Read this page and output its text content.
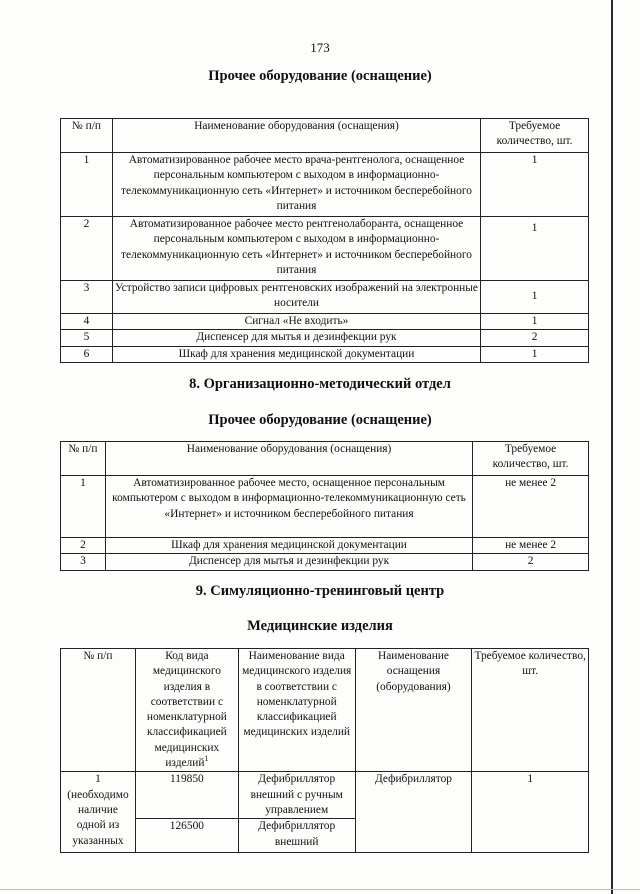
173
Прочее оборудование (оснащение)
№ п/п	Наименование оборудования (оснащения)	Требуемое количество, шт.
1	Автоматизированное рабочее место врача-рентгенолога, оснащенное персональным компьютером с выходом в информационно-телекоммуникационную сеть «Интернет» и источником бесперебойного питания	1
2	Автоматизированное рабочее место рентгенолаборанта, оснащенное персональным компьютером с выходом в информационно-телекоммуникационную сеть «Интернет» и источником бесперебойного питания	1
3	Устройство записи цифровых рентгеновских изображений на электронные носители	1
4	Сигнал «Не входить»	1
5	Диспенсер для мытья и дезинфекции рук	2
6	Шкаф для хранения медицинской документации	1
8. Организационно-методический отдел
Прочее оборудование (оснащение)
№ п/п	Наименование оборудования (оснащения)	Требуемое количество, шт.
1	Автоматизированное рабочее место, оснащенное персональным компьютером с выходом в информационно-телекоммуникационную сеть «Интернет» и источником бесперебойного питания	не менее 2
2	Шкаф для хранения медицинской документации	не менее 2
3	Диспенсер для мытья и дезинфекции рук	2
9. Симуляционно-тренинговый центр
Медицинские изделия
№ п/п	Код вида медицинского изделия в соответствии с номенклатурной классификацией медицинских изделий$^1$	Наименование вида медицинского изделия в соответствии с номенклатурной классификацией медицинских изделий	Наименование оснащения (оборудования)	Требуемое количество, шт.
1 (необходимо наличие одной из указанных	119850	Дефибриллятор внешний с ручным управлением	Дефибриллятор	1
	126500	Дефибриллятор внешний		
